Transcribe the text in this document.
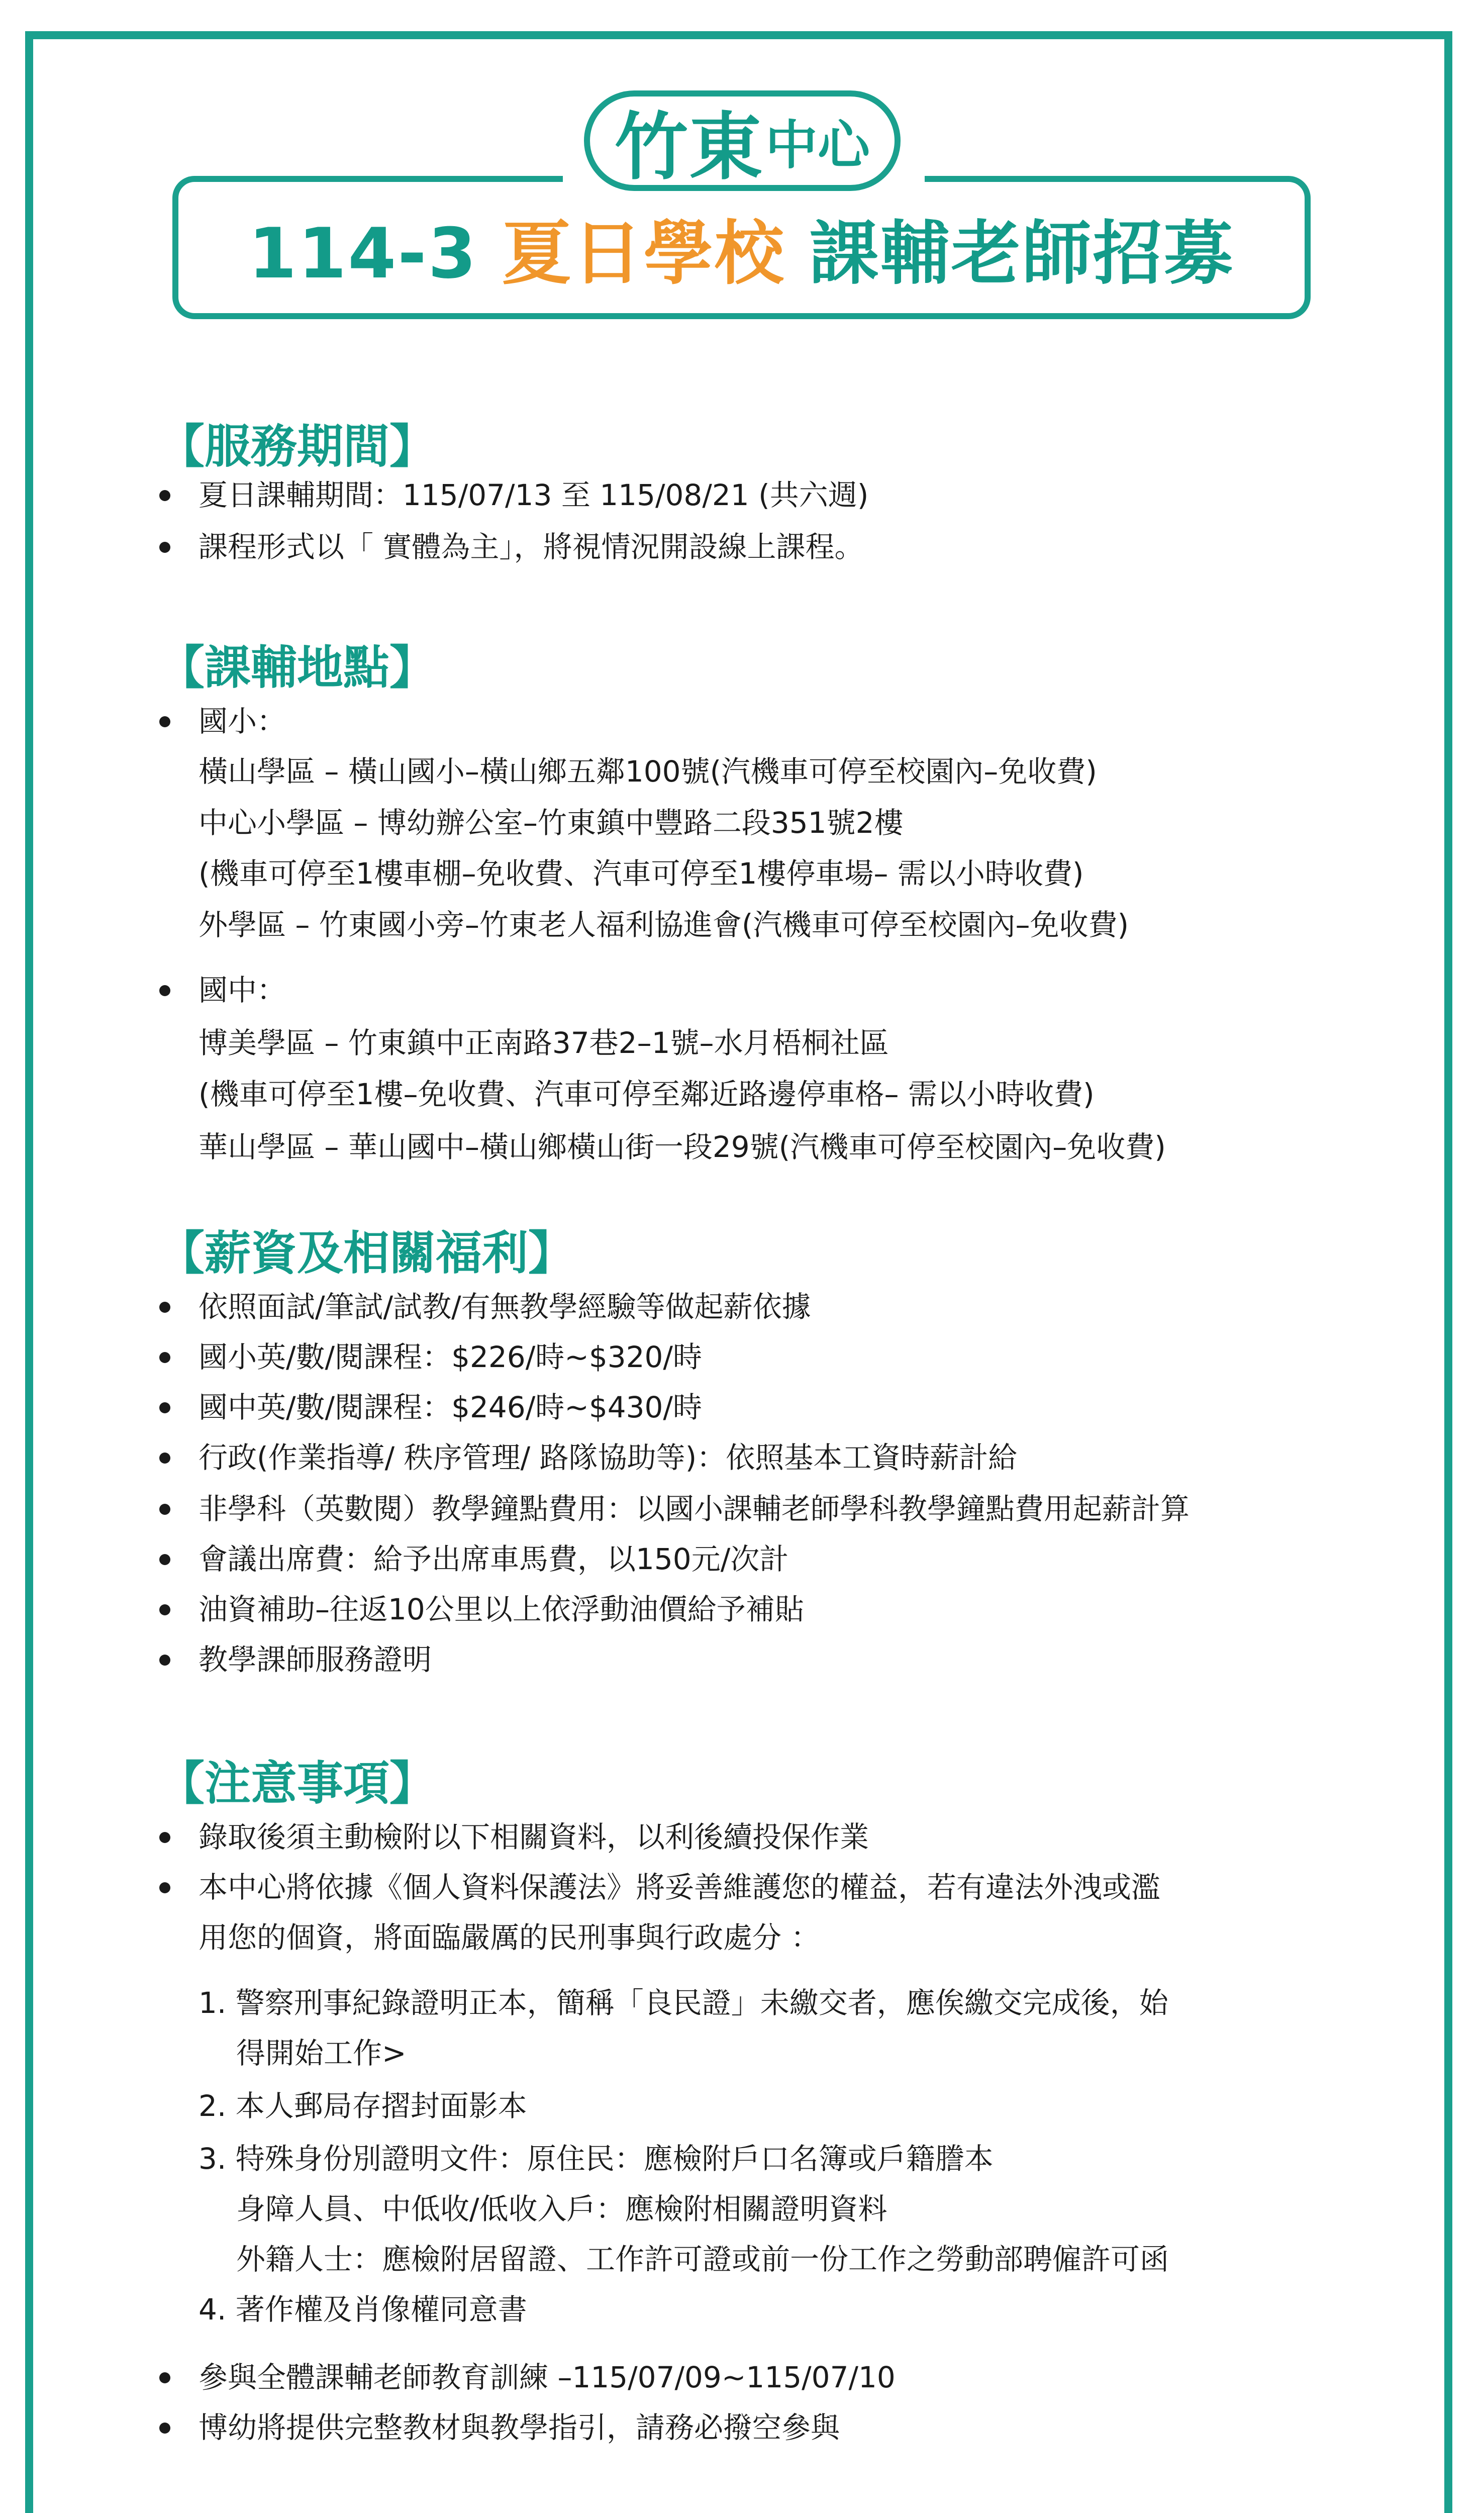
114-3 夏日學校 課輔老師招募
竹東 中心
【服務期間】

夏日課輔期間：115/07/13 至 115/08/21 (共六週)

課程形式以「 實體為主」，將視情況開設線上課程。

【課輔地點】

國小：

橫山學區 – 橫山國小–橫山鄉五鄰100號(汽機車可停至校園內–免收費)

中心小學區 – 博幼辦公室–竹東鎮中豐路二段351號2樓

(機車可停至1樓車棚–免收費、汽車可停至1樓停車場– 需以小時收費)

外學區 – 竹東國小旁–竹東老人福利協進會(汽機車可停至校園內–免收費)

國中：

博美學區 – 竹東鎮中正南路37巷2–1號–水月梧桐社區

(機車可停至1樓–免收費、汽車可停至鄰近路邊停車格– 需以小時收費)

華山學區 – 華山國中–橫山鄉橫山街一段29號(汽機車可停至校園內–免收費)

【薪資及相關福利】

依照面試/筆試/試教/有無教學經驗等做起薪依據

國小英/數/閱課程：$226/時~$320/時

國中英/數/閱課程：$246/時~$430/時

行政(作業指導/ 秩序管理/ 路隊協助等)：依照基本工資時薪計給

非學科（英數閱）教學鐘點費用：以國小課輔老師學科教學鐘點費用起薪計算

會議出席費：給予出席車馬費，以150元/次計

油資補助–往返10公里以上依浮動油價給予補貼

教學課師服務證明

【注意事項】

錄取後須主動檢附以下相關資料，以利後續投保作業

本中心將依據《個人資料保護法》將妥善維護您的權益，若有違法外洩或濫

用您的個資，將面臨嚴厲的民刑事與行政處分 ：

1. 警察刑事紀錄證明正本，簡稱「良民證」未繳交者，應俟繳交完成後，始

得開始工作>

2. 本人郵局存摺封面影本

3. 特殊身份別證明文件：原住民：應檢附戶口名簿或戶籍謄本

身障人員、中低收/低收入戶：應檢附相關證明資料

外籍人士：應檢附居留證、工作許可證或前一份工作之勞動部聘僱許可函

4. 著作權及肖像權同意書

參與全體課輔老師教育訓練 –115/07/09~115/07/10

博幼將提供完整教材與教學指引，請務必撥空參與
